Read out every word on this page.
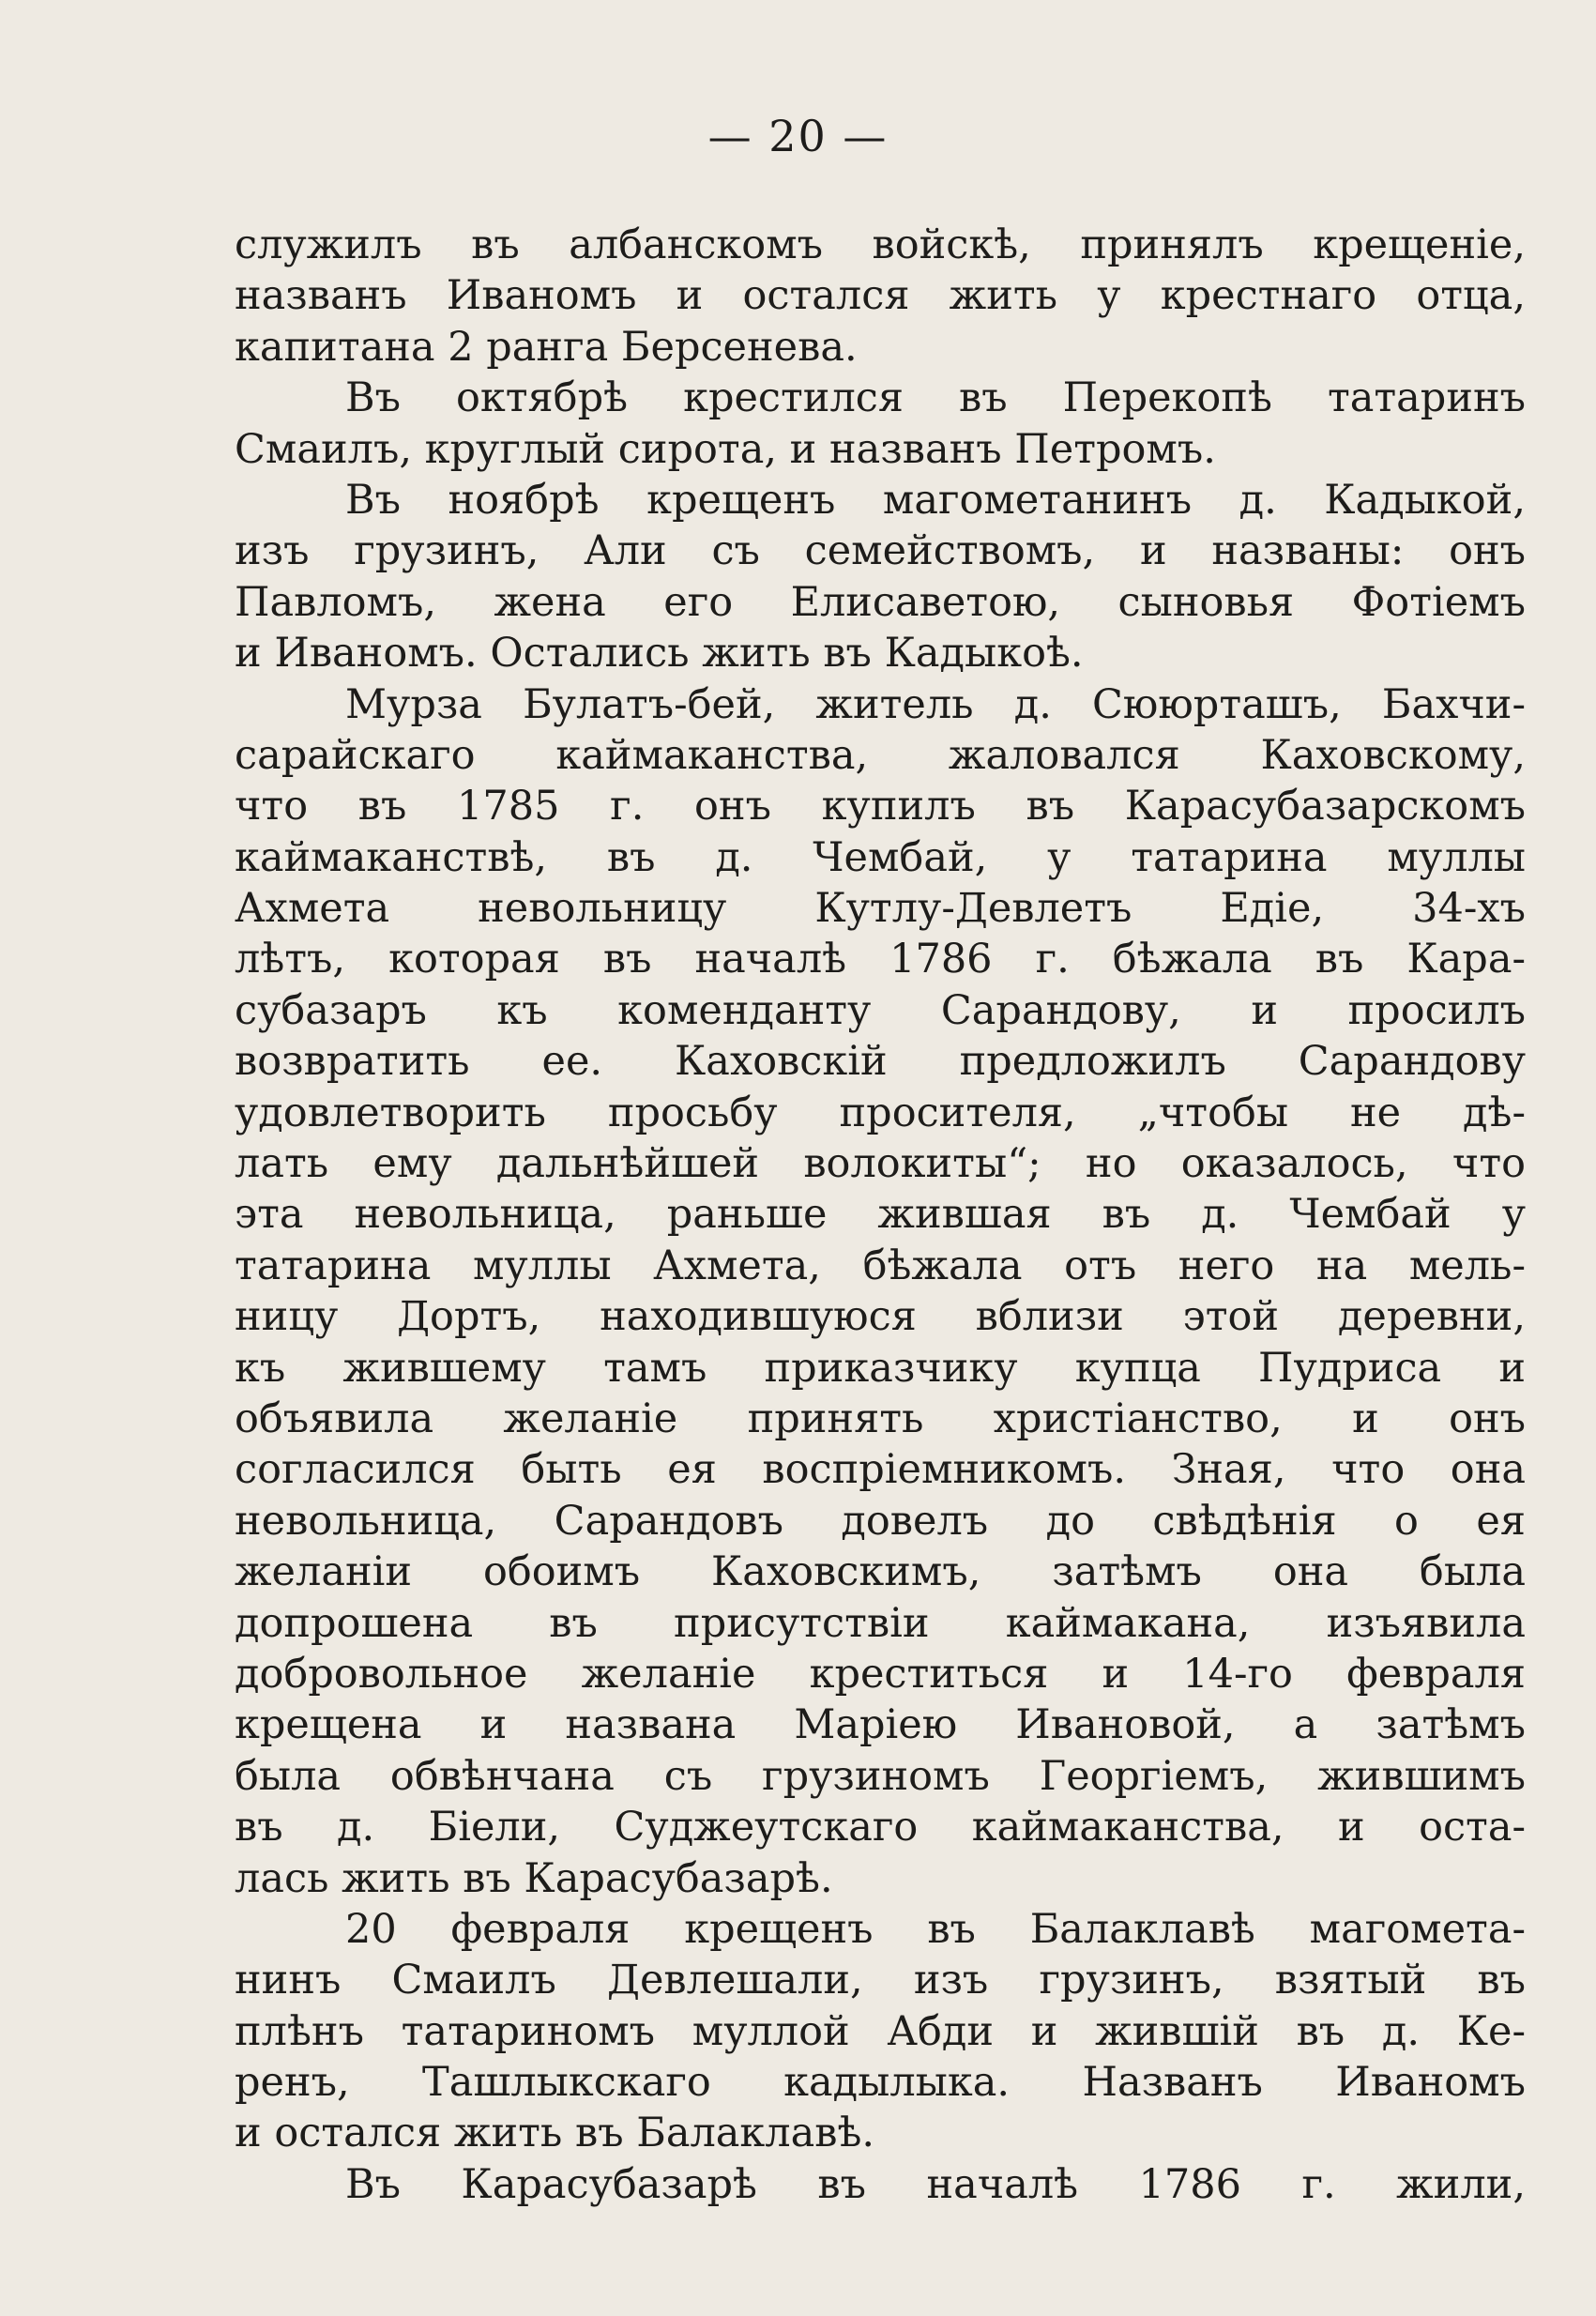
— 20 —
служилъ въ албанскомъ войскѣ, принялъ крещеніе,
названъ Иваномъ и остался жить у крестнаго отца,
капитана 2 ранга Берсенева.
Въ октябрѣ крестился въ Перекопѣ татаринъ
Смаилъ, круглый сирота, и названъ Петромъ.
Въ ноябрѣ крещенъ магометанинъ д. Кадыкой,
изъ грузинъ, Али съ семействомъ, и названы: онъ
Павломъ, жена его Елисаветою, сыновья Фотіемъ
и Иваномъ. Остались жить въ Кадыкоѣ.
Мурза Булатъ-бей, житель д. Сююрташъ, Бахчи-
сарайскаго каймаканства, жаловался Каховскому,
что въ 1785 г. онъ купилъ въ Карасубазарскомъ
каймаканствѣ, въ д. Чембай, у татарина муллы
Ахмета невольницу Кутлу-Девлетъ Едіе, 34-хъ
лѣтъ, которая въ началѣ 1786 г. бѣжала въ Кара-
субазаръ къ коменданту Сарандову, и просилъ
возвратить ее. Каховскій предложилъ Сарандову
удовлетворить просьбу просителя, „чтобы не дѣ-
лать ему дальнѣйшей волокиты“; но оказалось, что
эта невольница, раньше жившая въ д. Чембай у
татарина муллы Ахмета, бѣжала отъ него на мель-
ницу Дортъ, находившуюся вблизи этой деревни,
къ жившему тамъ приказчику купца Пудриса и
объявила желаніе принять христіанство, и онъ
согласился быть ея воспріемникомъ. Зная, что она
невольница, Сарандовъ довелъ до свѣдѣнія о ея
желаніи обоимъ Каховскимъ, затѣмъ она была
допрошена въ присутствіи каймакана, изъявила
добровольное желаніе креститься и 14-го февраля
крещена и названа Маріею Ивановой, а затѣмъ
была обвѣнчана съ грузиномъ Георгіемъ, жившимъ
въ д. Біели, Суджеутскаго каймаканства, и оста-
лась жить въ Карасубазарѣ.
20 февраля крещенъ въ Балаклавѣ магомета-
нинъ Смаилъ Девлешали, изъ грузинъ, взятый въ
плѣнъ татариномъ муллой Абди и жившій въ д. Ке-
ренъ, Ташлыкскаго кадылыка. Названъ Иваномъ
и остался жить въ Балаклавѣ.
Въ Карасубазарѣ въ началѣ 1786 г. жили,
